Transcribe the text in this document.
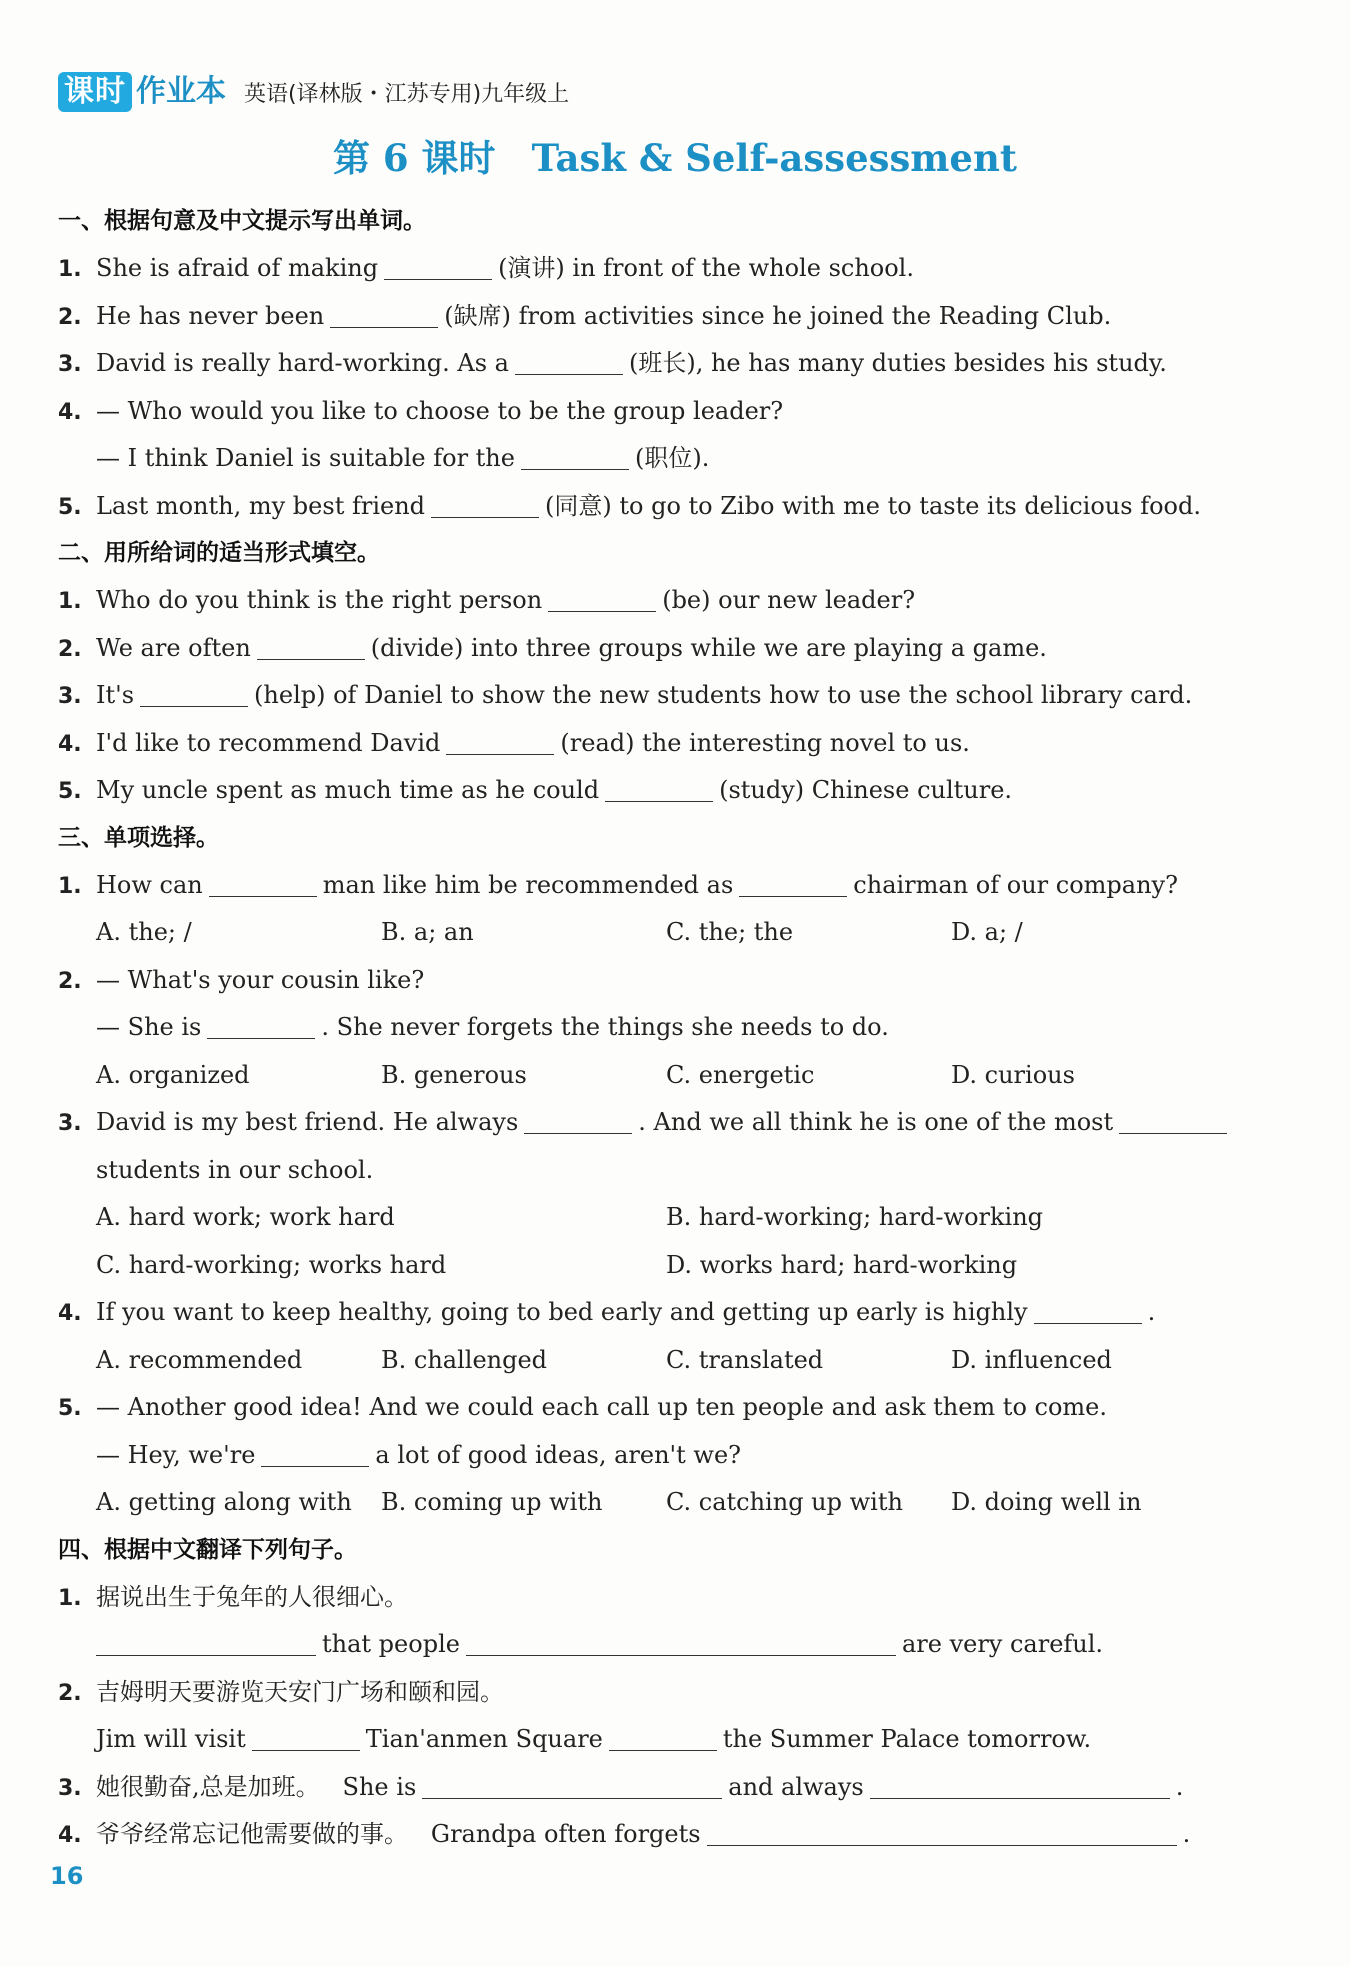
课时 作业本 英语(译林版・江苏专用)九年级上
第 6 课时 Task & Self-assessment
一、根据句意及中文提示写出单词。
1. She is afraid of making	(演讲) in front of the whole school.
2. He has never been	(缺席) from activities since he joined the Reading Club.
3. David is really hard-working. As a	(班长), he has many duties besides his study.
4. — Who would you like to choose to be the group leader?
— I think Daniel is suitable for the	(职位).
5. Last month, my best friend	(同意) to go to Zibo with me to taste its delicious food.
二、用所给词的适当形式填空。
1. Who do you think is the right person	(be) our new leader?
2. We are often	(divide) into three groups while we are playing a game.
3. It's	(help) of Daniel to show the new students how to use the school library card.
4. I'd like to recommend David	(read) the interesting novel to us.
5. My uncle spent as much time as he could	(study) Chinese culture.
三、单项选择。
1. How can	man like him be recommended as	chairman of our company?
A. the; /	B. a; an	C. the; the	D. a; /
2. — What's your cousin like?
— She is	. She never forgets the things she needs to do.
A. organized	B. generous	C. energetic	D. curious
3. David is my best friend. He always	. And we all think he is one of the most
students in our school.
A. hard work; work hard	B. hard-working; hard-working
C. hard-working; works hard	D. works hard; hard-working
4. If you want to keep healthy, going to bed early and getting up early is highly	.
A. recommended	B. challenged	C. translated	D. influenced
5. — Another good idea! And we could each call up ten people and ask them to come.
— Hey, we're	a lot of good ideas, aren't we?
A. getting along with	B. coming up with	C. catching up with	D. doing well in
四、根据中文翻译下列句子。
1. 据说出生于兔年的人很细心。
that people	are very careful.
2. 吉姆明天要游览天安门广场和颐和园。
Jim will visit	Tian'anmen Square	the Summer Palace tomorrow.
3. 她很勤奋,总是加班。 She is	and always	.
4. 爷爷经常忘记他需要做的事。 Grandpa often forgets	.
16
